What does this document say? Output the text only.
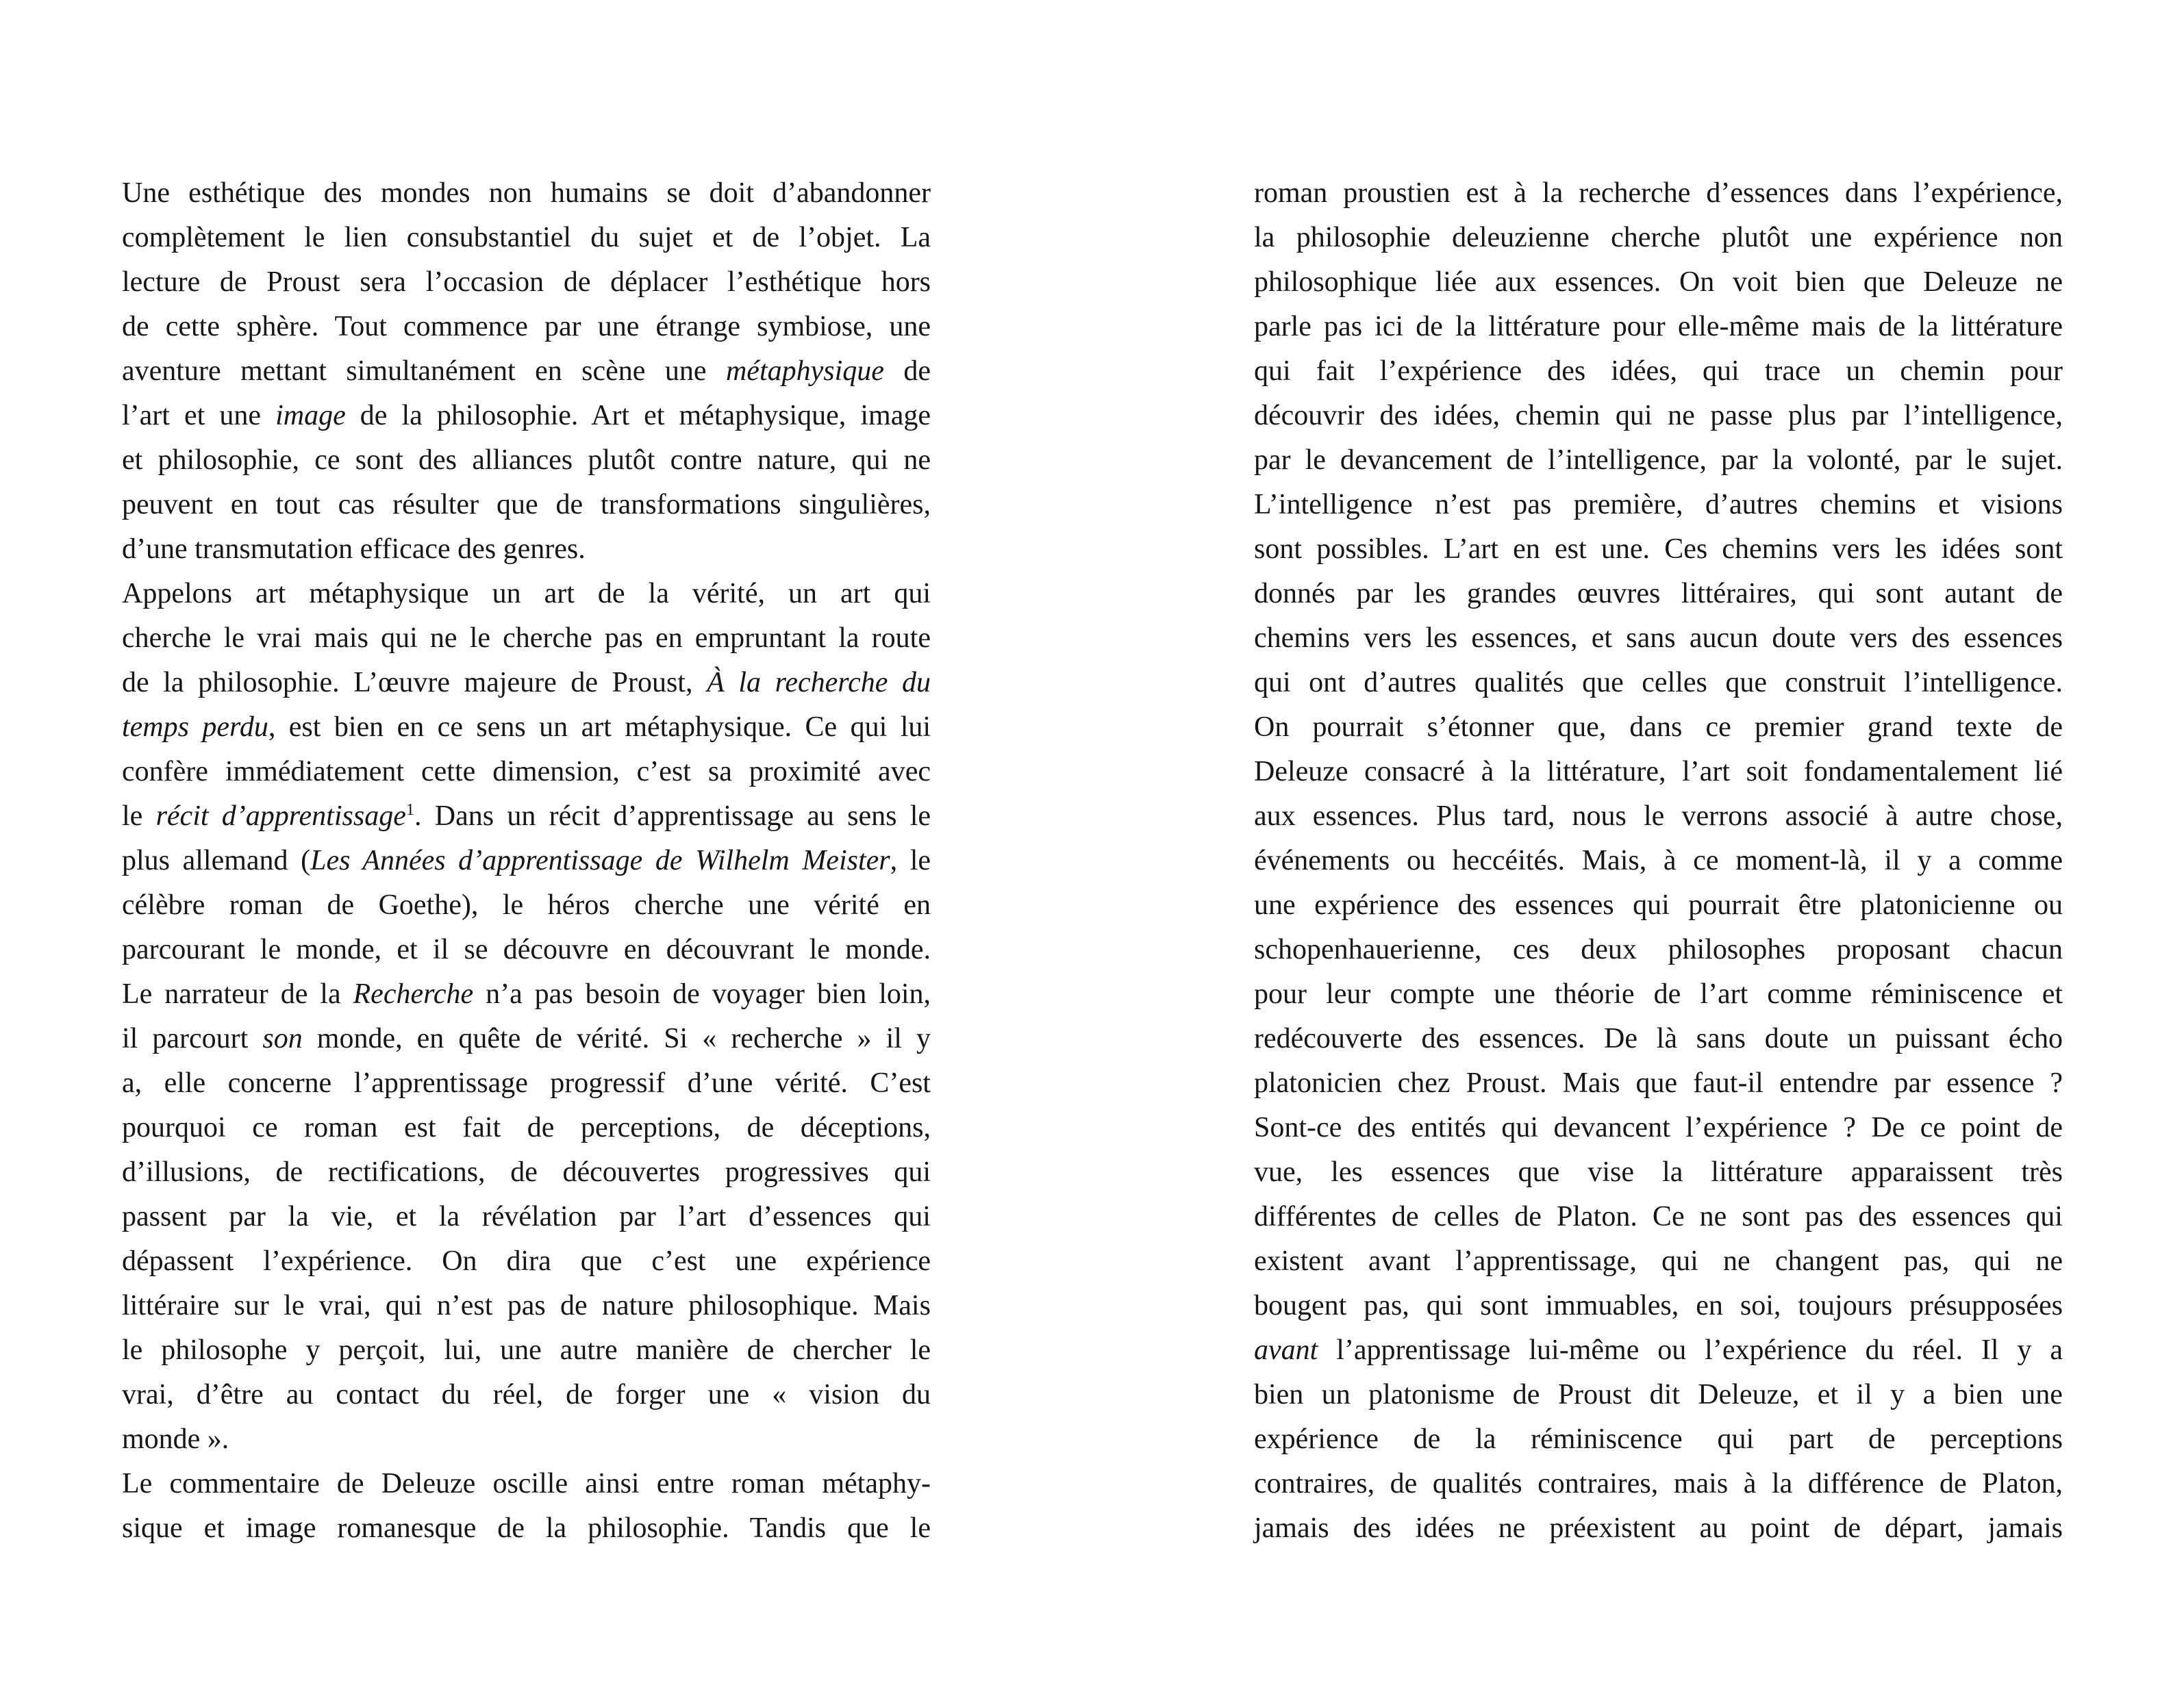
Une esthétique des mondes non humains se doit d’abandonner
complètement le lien consubstantiel du sujet et de l’objet. La
lecture de Proust sera l’occasion de déplacer l’esthétique hors
de cette sphère. Tout commence par une étrange symbiose, une
aventure mettant simultanément en scène une métaphysique de
l’art et une image de la philosophie. Art et métaphysique, image
et philosophie, ce sont des alliances plutôt contre nature, qui ne
peuvent en tout cas résulter que de transformations singulières,
d’une transmutation efficace des genres.
Appelons art métaphysique un art de la vérité, un art qui
cherche le vrai mais qui ne le cherche pas en empruntant la route
de la philosophie. L’œuvre majeure de Proust, À la recherche du
temps perdu, est bien en ce sens un art métaphysique. Ce qui lui
confère immédiatement cette dimension, c’est sa proximité avec
le récit d’apprentissage$^1$. Dans un récit d’apprentissage au sens le
plus allemand (Les Années d’apprentissage de Wilhelm Meister, le
célèbre roman de Goethe), le héros cherche une vérité en
parcourant le monde, et il se découvre en découvrant le monde.
Le narrateur de la Recherche n’a pas besoin de voyager bien loin,
il parcourt son monde, en quête de vérité. Si « recherche » il y
a, elle concerne l’apprentissage progressif d’une vérité. C’est
pourquoi ce roman est fait de perceptions, de déceptions,
d’illusions, de rectifications, de découvertes progressives qui
passent par la vie, et la révélation par l’art d’essences qui
dépassent l’expérience. On dira que c’est une expérience
littéraire sur le vrai, qui n’est pas de nature philosophique. Mais
le philosophe y perçoit, lui, une autre manière de chercher le
vrai, d’être au contact du réel, de forger une « vision du
monde ».
Le commentaire de Deleuze oscille ainsi entre roman métaphy-
sique et image romanesque de la philosophie. Tandis que le
roman proustien est à la recherche d’essences dans l’expérience,
la philosophie deleuzienne cherche plutôt une expérience non
philosophique liée aux essences. On voit bien que Deleuze ne
parle pas ici de la littérature pour elle-même mais de la littérature
qui fait l’expérience des idées, qui trace un chemin pour
découvrir des idées, chemin qui ne passe plus par l’intelligence,
par le devancement de l’intelligence, par la volonté, par le sujet.
L’intelligence n’est pas première, d’autres chemins et visions
sont possibles. L’art en est une. Ces chemins vers les idées sont
donnés par les grandes œuvres littéraires, qui sont autant de
chemins vers les essences, et sans aucun doute vers des essences
qui ont d’autres qualités que celles que construit l’intelligence.
On pourrait s’étonner que, dans ce premier grand texte de
Deleuze consacré à la littérature, l’art soit fondamentalement lié
aux essences. Plus tard, nous le verrons associé à autre chose,
événements ou heccéités. Mais, à ce moment-là, il y a comme
une expérience des essences qui pourrait être platonicienne ou
schopenhauerienne, ces deux philosophes proposant chacun
pour leur compte une théorie de l’art comme réminiscence et
redécouverte des essences. De là sans doute un puissant écho
platonicien chez Proust. Mais que faut-il entendre par essence ?
Sont-ce des entités qui devancent l’expérience ? De ce point de
vue, les essences que vise la littérature apparaissent très
différentes de celles de Platon. Ce ne sont pas des essences qui
existent avant l’apprentissage, qui ne changent pas, qui ne
bougent pas, qui sont immuables, en soi, toujours présupposées
avant l’apprentissage lui-même ou l’expérience du réel. Il y a
bien un platonisme de Proust dit Deleuze, et il y a bien une
expérience de la réminiscence qui part de perceptions
contraires, de qualités contraires, mais à la différence de Platon,
jamais des idées ne préexistent au point de départ, jamais
